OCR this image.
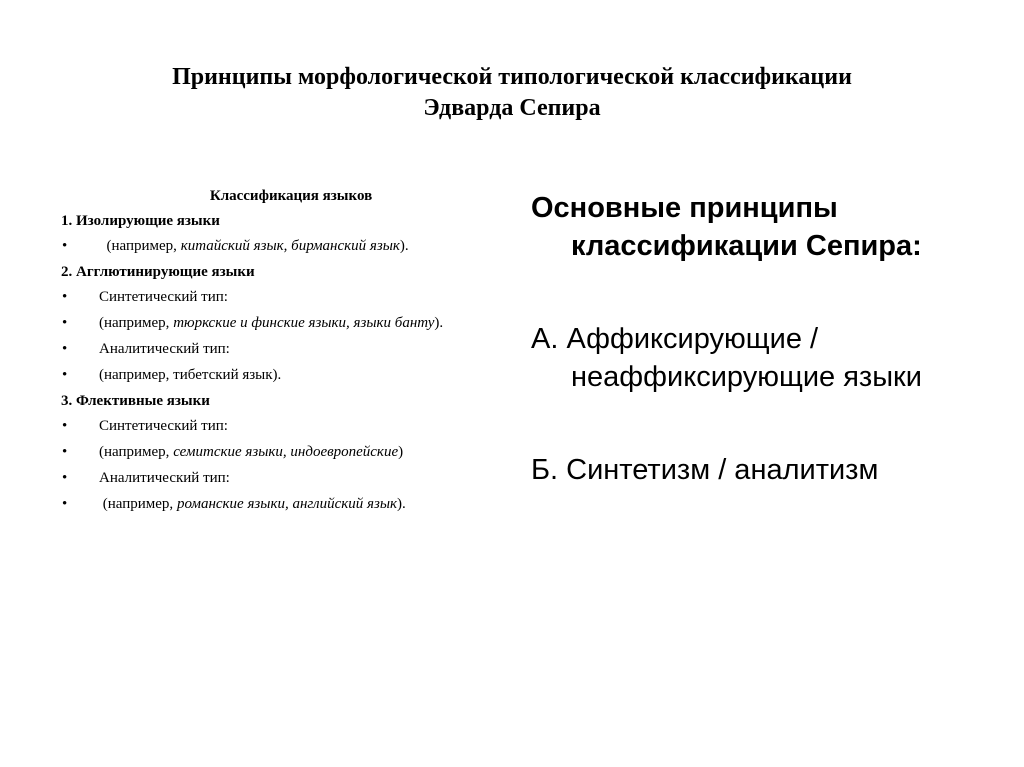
Принципы морфологической типологической классификации
Эдварда Сепира
Классификация языков
1. Изолирующие языки
•	(например, китайский язык, бирманский язык).
2. Агглютинирующие языки
•	Синтетический тип:
•	(например, тюркские и финские языки, языки банту).
•	Аналитический тип:
•	(например, тибетский язык).
3. Флективные языки
•	Синтетический тип:
•	(например, семитские языки, индоевропейские)
•	Аналитический тип:
•	(например, романские языки, английский язык).
Основные принципы классификации Сепира:
А. Аффиксирующие / неаффиксирующие языки
Б. Синтетизм / аналитизм
